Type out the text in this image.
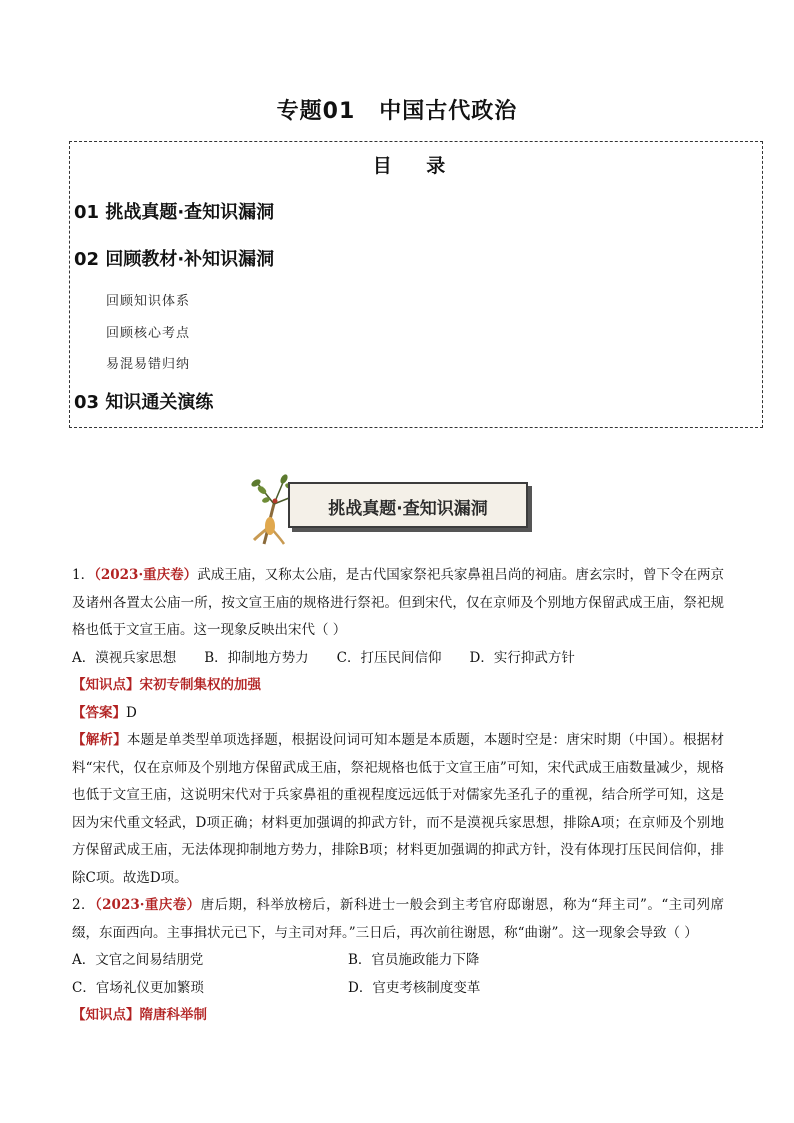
专题01 中国古代政治
目 录
01 挑战真题·查知识漏洞
02 回顾教材·补知识漏洞
回顾知识体系
回顾核心考点
易混易错归纳
03 知识通关演练
挑战真题·查知识漏洞

1．（2023·重庆卷）武成王庙，又称太公庙，是古代国家祭祀兵家鼻祖吕尚的祠庙。唐玄宗时，曾下令在两京及诸州各置太公庙一所，按文宣王庙的规格进行祭祀。但到宋代，仅在京师及个别地方保留武成王庙，祭祀规格也低于文宣王庙。这一现象反映出宋代（ ）

A．漠视兵家思想 B．抑制地方势力 C．打压民间信仰 D．实行抑武方针

【知识点】宋初专制集权的加强

【答案】D

【解析】本题是单类型单项选择题，根据设问词可知本题是本质题，本题时空是：唐宋时期（中国）。根据材料“宋代，仅在京师及个别地方保留武成王庙，祭祀规格也低于文宣王庙”可知，宋代武成王庙数量减少，规格也低于文宣王庙，这说明宋代对于兵家鼻祖的重视程度远远低于对儒家先圣孔子的重视，结合所学可知，这是因为宋代重文轻武，D项正确；材料更加强调的抑武方针，而不是漠视兵家思想，排除A项；在京师及个别地方保留武成王庙，无法体现抑制地方势力，排除B项；材料更加强调的抑武方针，没有体现打压民间信仰，排除C项。故选D项。

2．（2023·重庆卷）唐后期，科举放榜后，新科进士一般会到主考官府邸谢恩，称为“拜主司”。“主司列席缀，东面西向。主事揖状元已下，与主司对拜。”三日后，再次前往谢恩，称“曲谢”。这一现象会导致（ ）

A．文官之间易结朋党	B．官员施政能力下降

C．官场礼仪更加繁琐	D．官吏考核制度变革

【知识点】隋唐科举制
